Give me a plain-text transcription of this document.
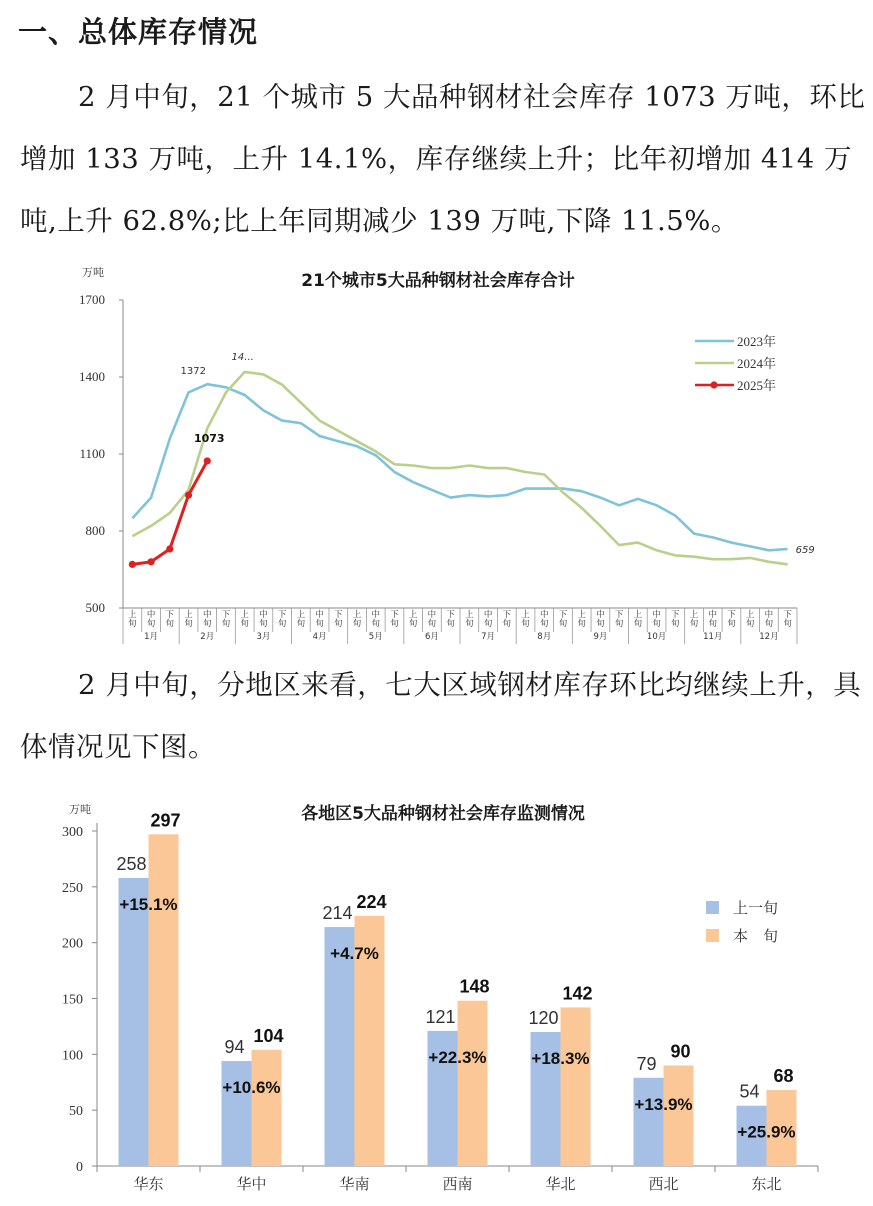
一、总体库存情况
2 月中旬，21 个城市 5 大品种钢材社会库存 1073 万吨，环比增加 133 万吨，上升 14.1%，库存继续上升；比年初增加 414 万吨,上升 62.8%;比上年同期减少 139 万吨,下降 11.5%。
21个城市5大品种钢材社会库存合计
万吨
500
800
1100
1400
1700
上
旬
中
旬
下
旬
上
旬
中
旬
下
旬
上
旬
中
旬
下
旬
上
旬
中
旬
下
旬
上
旬
中
旬
下
旬
上
旬
中
旬
下
旬
上
旬
中
旬
下
旬
上
旬
中
旬
下
旬
上
旬
中
旬
下
旬
上
旬
中
旬
下
旬
上
旬
中
旬
下
旬
上
旬
中
旬
下
旬
1月	2月	3月	4月	5月	6月	7月	8月	9月	10月	11月	12月
1372
14...
1073
659
2023年
2024年
2025年
2 月中旬，分地区来看，七大区域钢材库存环比均继续上升，具体情况见下图。
各地区5大品种钢材社会库存监测情况
万吨
0
50
100
150
200
250
300
258
297
+15.1%
华东
94
104
+10.6%
华中
214
224
+4.7%
华南
121
148
+22.3%
西南
120
142
+18.3%
华北
79
90
+13.9%
西北
54
68
+25.9%
东北
上一旬
本　旬
